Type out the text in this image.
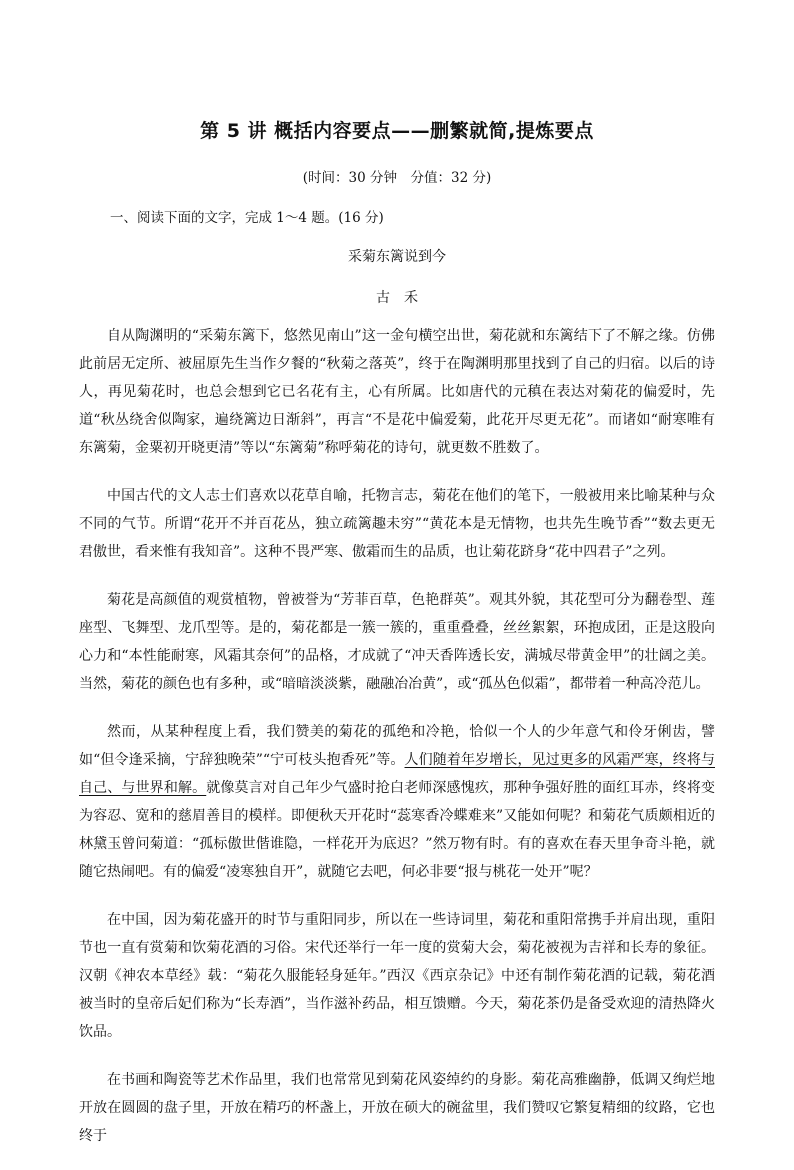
第 5 讲 概括内容要点——删繁就简,提炼要点

(时间：30 分钟　分值：32 分)

一、阅读下面的文字，完成 1～4 题。(16 分)

采菊东篱说到今

古禾

自从陶渊明的“采菊东篱下，悠然见南山”这一金句横空出世，菊花就和东篱结下了不解之缘。仿佛此前居无定所、被屈原先生当作夕餐的“秋菊之落英”，终于在陶渊明那里找到了自己的归宿。以后的诗人，再见菊花时，也总会想到它已名花有主，心有所属。比如唐代的元稹在表达对菊花的偏爱时，先道“秋丛绕舍似陶家，遍绕篱边日渐斜”，再言“不是花中偏爱菊，此花开尽更无花”。而诸如“耐寒唯有东篱菊，金粟初开晓更清”等以“东篱菊”称呼菊花的诗句，就更数不胜数了。

中国古代的文人志士们喜欢以花草自喻，托物言志，菊花在他们的笔下，一般被用来比喻某种与众不同的气节。所谓“花开不并百花丛，独立疏篱趣未穷”“黄花本是无情物，也共先生晚节香”“数去更无君傲世，看来惟有我知音”。这种不畏严寒、傲霜而生的品质，也让菊花跻身“花中四君子”之列。

菊花是高颜值的观赏植物，曾被誉为“芳菲百草，色艳群英”。观其外貌，其花型可分为翻卷型、莲座型、飞舞型、龙爪型等。是的，菊花都是一簇一簇的，重重叠叠，丝丝絮絮，环抱成团，正是这股向心力和“本性能耐寒，风霜其奈何”的品格，才成就了“冲天香阵透长安，满城尽带黄金甲”的壮阔之美。当然，菊花的颜色也有多种，或“暗暗淡淡紫，融融冶冶黄”，或“孤丛色似霜”，都带着一种高冷范儿。

然而，从某种程度上看，我们赞美的菊花的孤绝和冷艳，恰似一个人的少年意气和伶牙俐齿，譬如“但令逢采摘，宁辞独晚荣”“宁可枝头抱香死”等。人们随着年岁增长，见过更多的风霜严寒，终将与自己、与世界和解。就像莫言对自己年少气盛时抢白老师深感愧疚，那种争强好胜的面红耳赤，终将变为容忍、宽和的慈眉善目的模样。即便秋天开花时“蕊寒香冷蝶难来”又能如何呢？和菊花气质颇相近的林黛玉曾问菊道：“孤标傲世偕谁隐，一样花开为底迟？”然万物有时。有的喜欢在春天里争奇斗艳，就随它热闹吧。有的偏爱“凌寒独自开”，就随它去吧，何必非要“报与桃花一处开”呢？

在中国，因为菊花盛开的时节与重阳同步，所以在一些诗词里，菊花和重阳常携手并肩出现，重阳节也一直有赏菊和饮菊花酒的习俗。宋代还举行一年一度的赏菊大会，菊花被视为吉祥和长寿的象征。汉朝《神农本草经》载：“菊花久服能轻身延年。”西汉《西京杂记》中还有制作菊花酒的记载，菊花酒被当时的皇帝后妃们称为“长寿酒”，当作滋补药品，相互馈赠。今天，菊花茶仍是备受欢迎的清热降火饮品。

在书画和陶瓷等艺术作品里，我们也常常见到菊花风姿绰约的身影。菊花高雅幽静，低调又绚烂地开放在圆圆的盘子里，开放在精巧的杯盏上，开放在硕大的碗盆里，我们赞叹它繁复精细的纹路，它也终于
